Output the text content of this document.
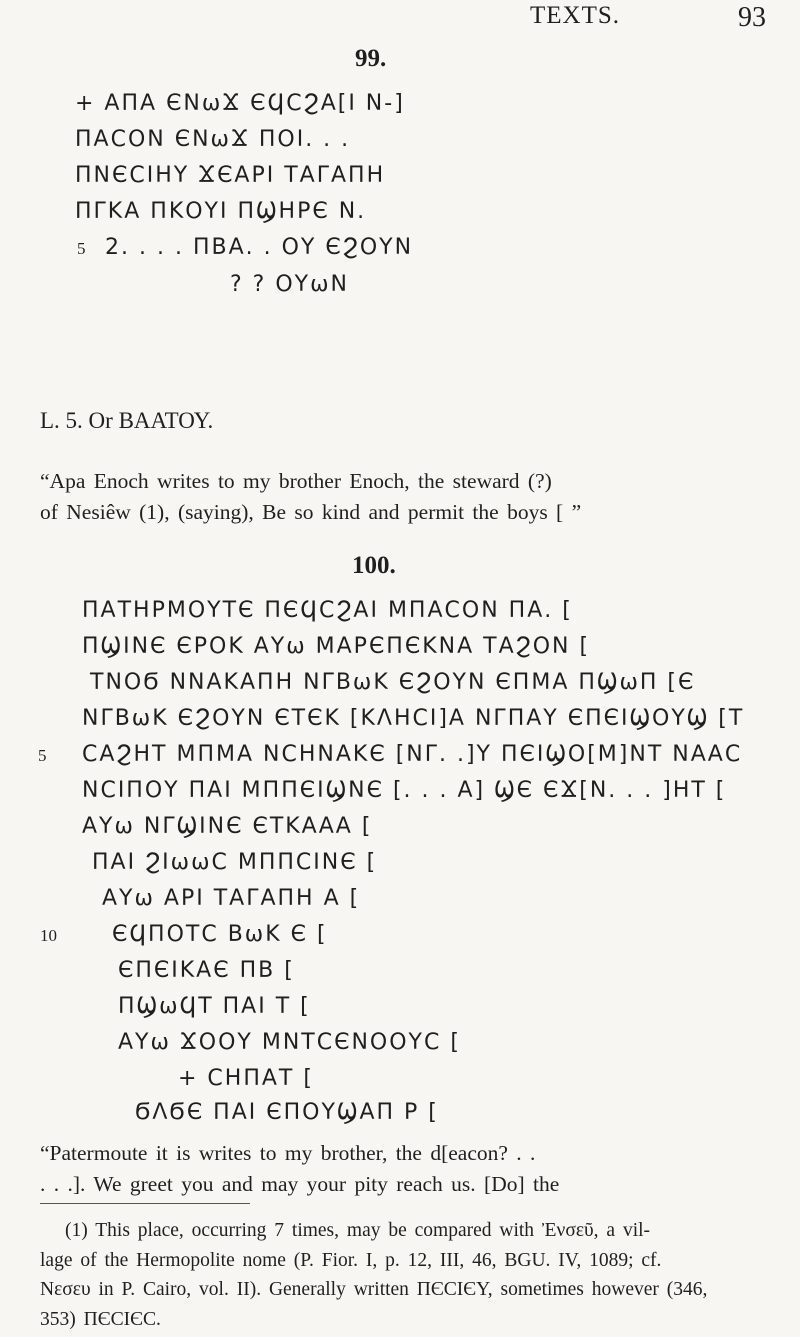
TEXTS.	93
99.
+ ΑΠΑ ЄΝωϪ ЄϤϹϨΑ[Ι Ν-]
ΠΑϹΟΝ ЄΝωϪ ΠΟΙ. . .
ΠΝЄϹΙΗΥ ϪЄΑΡΙ ΤΑΓΑΠΗ
ΠΓΚΑ ΠΚΟΥΙ ΠϢΗΡЄ Ν.
5 2. . . . ΠΒΑ. . ΟΥ ЄϨΟΥΝ
? ? ΟΥωΝ
L. 5. Or ΒΑΑΤΟΥ.

“Apa Enoch writes to my brother Enoch, the steward (?)
of Nesiêw (1), (saying), Be so kind and permit the boys [ ”

100.
ΠΑΤΗΡΜΟΥΤЄ ΠЄϤϹϨΑΙ ΜΠΑϹΟΝ ΠΑ. [
ΠϢΙΝЄ ЄΡΟΚ ΑΥω ΜΑΡЄΠЄΚΝΑ ΤΑϨΟΝ [
ΤΝΟϬ ΝΝΑΚΑΠΗ ΝΓΒωΚ ЄϨΟΥΝ ЄΠΜΑ ΠϢωΠ [Є
ΝΓΒωΚ ЄϨΟΥΝ ЄΤЄΚ [ΚΛΗϹΙ]Α ΝΓΠΑΥ ЄΠЄΙϢΟΥϢ [Τ
5 ϹΑϨΗΤ ΜΠΜΑ ΝϹΗΝΑΚЄ [ΝΓ. .]Υ ΠЄΙϢΟ[Μ]ΝΤ ΝΑΑϹ
ΝϹΙΠΟΥ ΠΑΙ ΜΠΠЄΙϢΝЄ [. . . Α] ϢЄ ЄϪ[Ν. . . ]ΗΤ [
ΑΥω ΝΓϢΙΝЄ ЄΤΚΑΑΑ [
ΠΑΙ ϨΙωωϹ ΜΠΠϹΙΝЄ [
ΑΥω ΑΡΙ ΤΑΓΑΠΗ Α [
10	ЄϤΠΟΤϹ ΒωΚ Є [
ЄΠЄΙΚΑЄ ΠΒ [
ΠϢωϤΤ ΠΑΙ Τ [
ΑΥω ϪΟΟΥ ΜΝΤϹЄΝΟΟΥϹ [
+ ϹΗΠΑΤ [
ϬΛϬЄ ΠΑΙ ЄΠΟΥϢΑΠ Ρ [

“Patermoute it is writes to my brother, the d[eacon? . .
. . .]. We greet you and may your pity reach us. [Do] the

(1) This place, occurring 7 times, may be compared with Ἐνσεῦ, a vil-
lage of the Hermopolite nome (P. Fior. I, p. 12, III, 46, BGU. IV, 1089; cf.
Νεσευ in P. Cairo, vol. II). Generally written ΠЄϹΙЄΥ, sometimes however (346,
353) ΠЄϹΙЄϹ.
